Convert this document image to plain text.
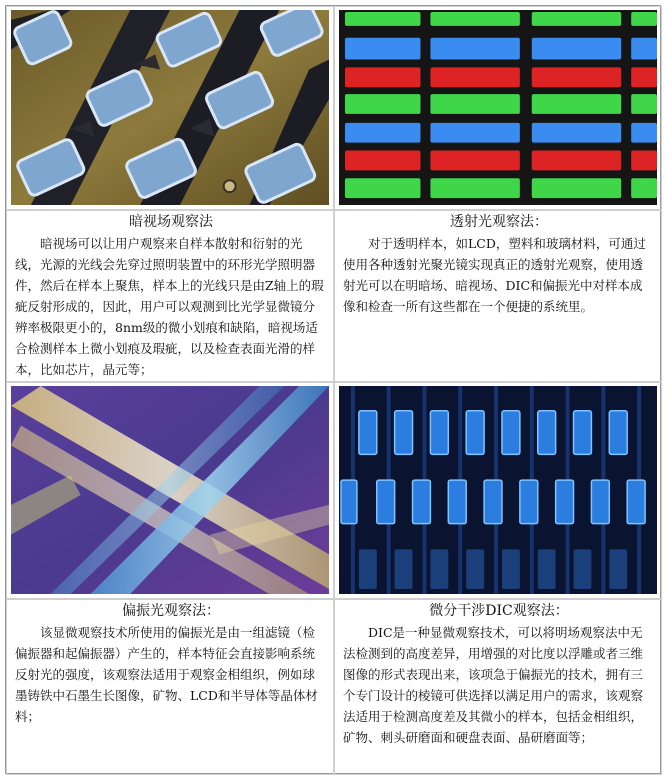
暗视场观察法

暗视场可以让用户观察来自样本散射和衍射的光线，光源的光线会先穿过照明装置中的环形光学照明器件，然后在样本上聚焦，样本上的光线只是由Z轴上的瑕疵反射形成的，因此，用户可以观测到比光学显微镜分辨率极限更小的，8nm级的微小划痕和缺陷，暗视场适合检测样本上微小划痕及瑕疵，以及检查表面光滑的样本，比如芯片，晶元等；

透射光观察法：

对于透明样本，如LCD，塑料和玻璃材料，可通过使用各种透射光聚光镜实现真正的透射光观察，使用透射光可以在明暗场、暗视场、DIC和偏振光中对样本成像和检查一所有这些都在一个便捷的系统里。

偏振光观察法：

该显微观察技术所使用的偏振光是由一组滤镜（检偏振器和起偏振器）产生的，样本特征会直接影响系统反射光的强度，该观察法适用于观察金相组织，例如球墨铸铁中石墨生长图像，矿物、LCD和半导体等晶体材料；

微分干涉DIC观察法：

DIC是一种显微观察技术，可以将明场观察法中无法检测到的高度差异，用增强的对比度以浮雕或者三维图像的形式表现出来，该项急于偏振光的技术，拥有三个专门设计的棱镜可供选择以满足用户的需求，该观察法适用于检测高度差及其微小的样本，包括金相组织，矿物、刺头研磨面和硬盘表面、晶研磨面等；
